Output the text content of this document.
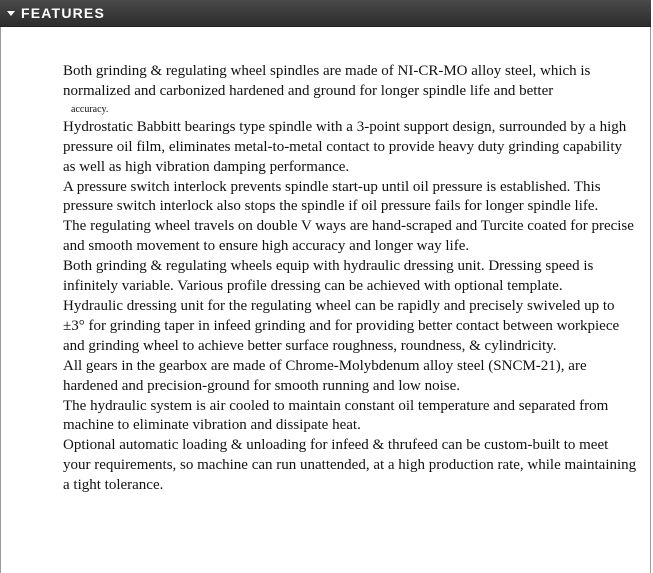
FEATURES

Both grinding & regulating wheel spindles are made of NI-CR-MO alloy steel, which is normalized and carbonized hardened and ground for longer spindle life and better
accuracy.

Hydrostatic Babbitt bearings type spindle with a 3-point support design, surrounded by a high pressure oil film, eliminates metal-to-metal contact to provide heavy duty grinding capability as well as high vibration damping performance.

A pressure switch interlock prevents spindle start-up until oil pressure is established. This pressure switch interlock also stops the spindle if oil pressure fails for longer spindle life.

The regulating wheel travels on double V ways are hand-scraped and Turcite coated for precise and smooth movement to ensure high accuracy and longer way life.

Both grinding & regulating wheels equip with hydraulic dressing unit. Dressing speed is infinitely variable. Various profile dressing can be achieved with optional template.

Hydraulic dressing unit for the regulating wheel can be rapidly and precisely swiveled up to ±3° for grinding taper in infeed grinding and for providing better contact between workpiece and grinding wheel to achieve better surface roughness, roundness, & cylindricity.

All gears in the gearbox are made of Chrome-Molybdenum alloy steel (SNCM-21), are hardened and precision-ground for smooth running and low noise.

The hydraulic system is air cooled to maintain constant oil temperature and separated from machine to eliminate vibration and dissipate heat.

Optional automatic loading & unloading for infeed & thrufeed can be custom-built to meet your requirements, so machine can run unattended, at a high production rate, while maintaining a tight tolerance.
